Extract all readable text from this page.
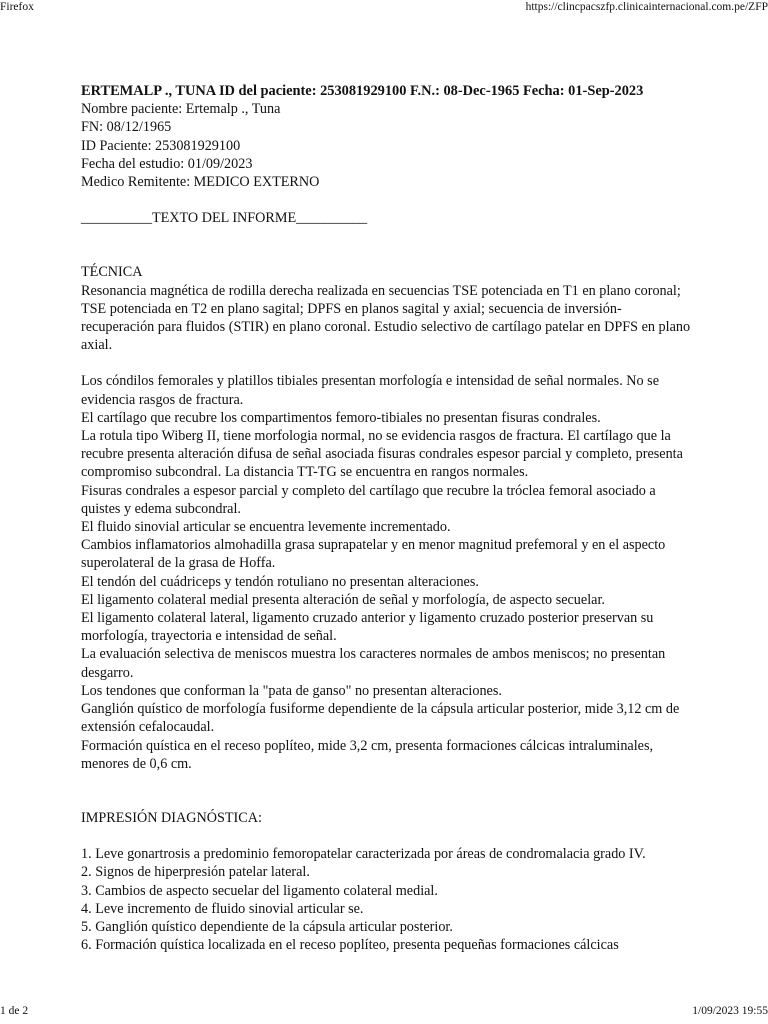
Firefox	https://clincpacszfp.clinicainternacional.com.pe/ZFP
ERTEMALP ., TUNA ID del paciente: 253081929100 F.N.: 08-Dec-1965 Fecha: 01-Sep-2023
Nombre paciente: Ertemalp ., Tuna
FN: 08/12/1965
ID Paciente: 253081929100
Fecha del estudio: 01/09/2023
Medico Remitente: MEDICO EXTERNO
__________TEXTO DEL INFORME__________
TÉCNICA

Resonancia magnética de rodilla derecha realizada en secuencias TSE potenciada en T1 en plano coronal; TSE potenciada en T2 en plano sagital; DPFS en planos sagital y axial; secuencia de inversión-recuperación para fluidos (STIR) en plano coronal. Estudio selectivo de cartílago patelar en DPFS en plano axial.

Los cóndilos femorales y platillos tibiales presentan morfología e intensidad de señal normales. No se evidencia rasgos de fractura.

El cartílago que recubre los compartimentos femoro-tibiales no presentan fisuras condrales.

La rotula tipo Wiberg II, tiene morfologia normal, no se evidencia rasgos de fractura. El cartílago que la recubre presenta alteración difusa de señal asociada fisuras condrales espesor parcial y completo, presenta compromiso subcondral. La distancia TT-TG se encuentra en rangos normales.

Fisuras condrales a espesor parcial y completo del cartílago que recubre la tróclea femoral asociado a quistes y edema subcondral.

El fluido sinovial articular se encuentra levemente incrementado.

Cambios inflamatorios almohadilla grasa suprapatelar y en menor magnitud prefemoral y en el aspecto superolateral de la grasa de Hoffa.

El tendón del cuádriceps y tendón rotuliano no presentan alteraciones.

El ligamento colateral medial presenta alteración de señal y morfología, de aspecto secuelar.

El ligamento colateral lateral, ligamento cruzado anterior y ligamento cruzado posterior preservan su morfología, trayectoria e intensidad de señal.

La evaluación selectiva de meniscos muestra los caracteres normales de ambos meniscos; no presentan desgarro.

Los tendones que conforman la "pata de ganso" no presentan alteraciones.

Ganglión quístico de morfología fusiforme dependiente de la cápsula articular posterior, mide 3,12 cm de extensión cefalocaudal.

Formación quística en el receso poplíteo, mide 3,2 cm, presenta formaciones cálcicas intraluminales, menores de 0,6 cm.

IMPRESIÓN DIAGNÓSTICA:
1. Leve gonartrosis a predominio femoropatelar caracterizada por áreas de condromalacia grado IV.
2. Signos de hiperpresión patelar lateral.
3. Cambios de aspecto secuelar del ligamento colateral medial.
4. Leve incremento de fluido sinovial articular se.
5. Ganglión quístico dependiente de la cápsula articular posterior.
6. Formación quística localizada en el receso poplíteo, presenta pequeñas formaciones cálcicas
1 de 2	1/09/2023 19:55
